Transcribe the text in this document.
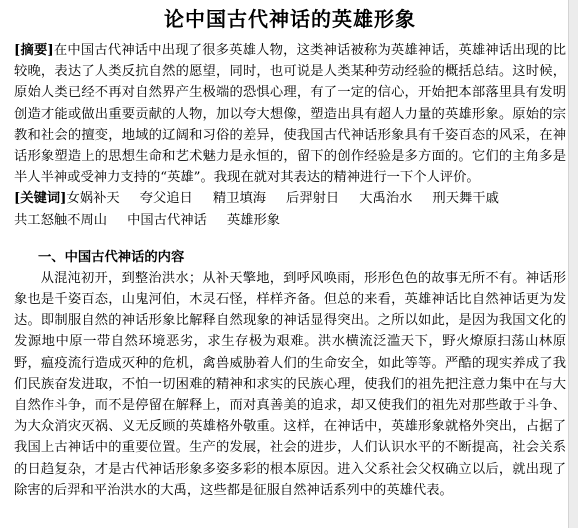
论中国古代神话的英雄形象

[摘要]在中国古代神话中出现了很多英雄人物，这类神话被称为英雄神话，英雄神话出现的比较晚，表达了人类反抗自然的愿望，同时，也可说是人类某种劳动经验的概括总结。这时候，原始人类已经不再对自然界产生极端的恐惧心理，有了一定的信心，开始把本部落里具有发明创造才能或做出重要贡献的人物，加以夸大想像，塑造出具有超人力量的英雄形象。原始的宗教和社会的擅变，地域的辽阔和习俗的差异，使我国古代神话形象具有千姿百态的风采，在神话形象塑造上的思想生命和艺术魅力是永恒的，留下的创作经验是多方面的。它们的主角多是半人半神或受神力支持的“英雄”。我现在就对其表达的精神进行一下个人评价。

[关键词]女娲补天 夸父追日 精卫填海 后羿射日 大禹治水 刑天舞干戚共工怒触不周山 中国古代神话 英雄形象

一、中国古代神话的内容

从混沌初开，到整治洪水；从补天擎地，到呼风唤雨，形形色色的故事无所不有。神话形象也是千姿百态，山鬼河伯，木灵石怪，样样齐备。但总的来看，英雄神话比自然神话更为发达。即制服自然的神话形象比解释自然现象的神话显得突出。之所以如此，是因为我国文化的发源地中原一带自然环境恶劣，求生存极为艰难。洪水横流泛滥天下，野火燎原扫荡山林原野，瘟疫流行造成灭种的危机，禽兽威胁着人们的生命安全，如此等等。严酷的现实养成了我们民族奋发进取，不怕一切困难的精神和求实的民族心理，使我们的祖先把注意力集中在与大自然作斗争，而不是停留在解释上，而对真善美的追求，却又使我们的祖先对那些敢于斗争、为大众消灾灭祸、义无反顾的英雄格外敬重。这样，在神话中，英雄形象就格外突出，占据了我国上古神话中的重要位置。生产的发展，社会的进步，人们认识水平的不断提高，社会关系的日趋复杂，才是古代神话形象多姿多彩的根本原因。进入父系社会父权确立以后，就出现了除害的后羿和平治洪水的大禹，这些都是征服自然神话系列中的英雄代表。
